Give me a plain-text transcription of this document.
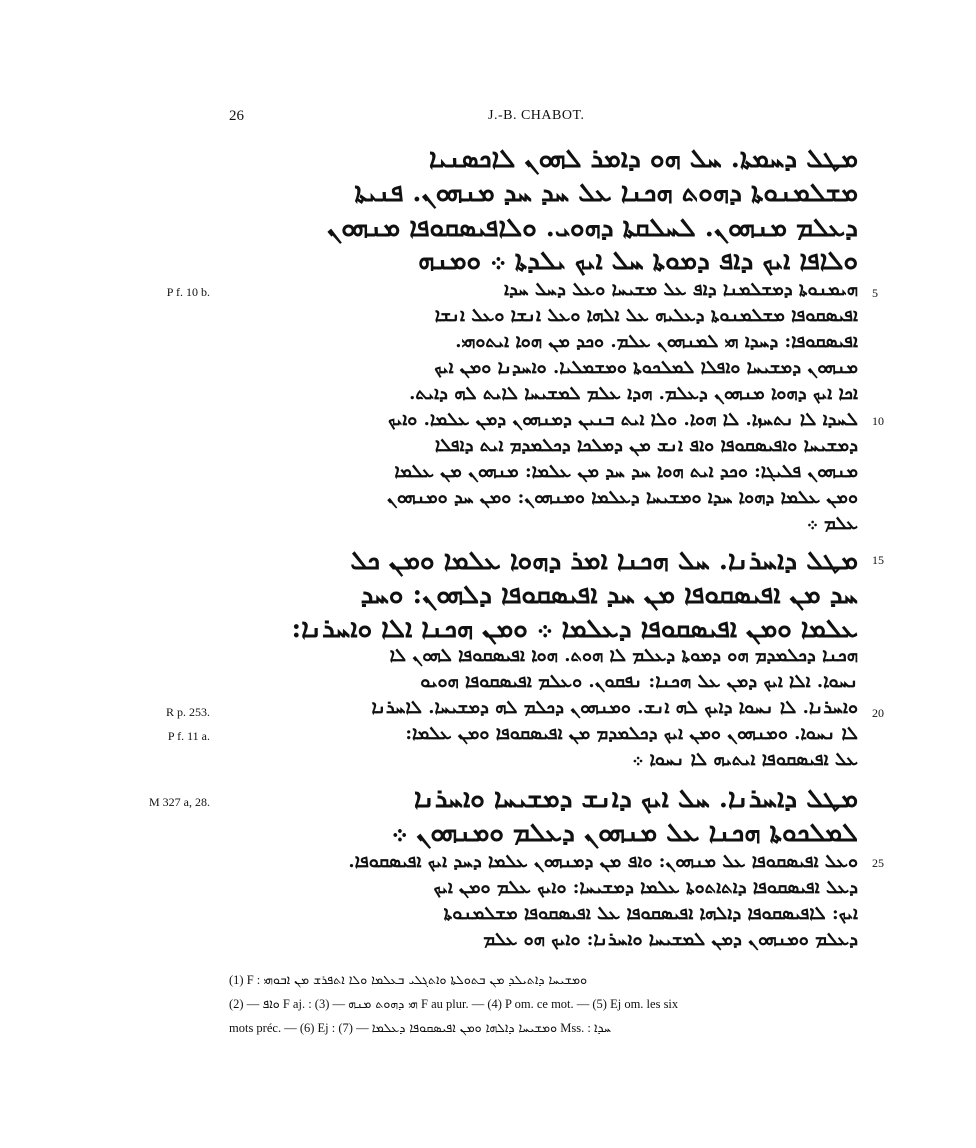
26	J.-B. CHABOT.
ܡܛܠ ܕܚܡܬܐ. ܚܠ ܗܘ ܕܐܡܪ ܠܗܘܢ ܠܐܟܣܢܝܐ
ܡܫܠܡܢܘܬܐ ܕܗܘܬ ܗܟܢܐ ܥܠ ܚܕ ܚܕ ܡܢܗܘܢ. ܦܢܝܬܐ
ܕܥܠܡ ܡܢܗܘܢ. ܠܚܠܩܬܐ ܕܗܘܝ. ܘܠܐܦܝܣܩܘܦܐ ܡܢܗܘܢ
ܘܠܐܦܐ ܐܝܟ ܕܐܦ ܕܡܘܬܐ ܚܠ ܐܝܟ ܝܠܕܬܐ ܀ ܘܡܢܗ
ܗܝܡܢܘܬܐ ܕܡܫܠܡܢܐ ܕܐܦ ܥܠ ܡܫܝܚܐ ܘܥܠ ܕܚܠ ܚܕܐ
ܐܦܝܣܩܘܦܐ ܡܫܠܡܢܘܬܐ ܕܥܠܝܗ ܥܠ ܐܠܗܐ ܘܥܠ ܐܢܫܐ ܘܥܠ ܐܢܫܐ
ܐܦܝܣܩܘܦܐ: ܕܚܕܐ ܗܝ ܠܡܢܗܘܢ ܥܠܡ. ܘܟܕ ܡܢ ܗܘܐ ܐܝܬܘܗܝ.
ܡܢܗܘܢ ܕܡܫܝܚܐ ܘܐܦܠܐ ܠܡܠܟܘܬܐ ܘܡܫܡܠܝܐ. ܘܐܚܕܢܐ ܘܡܢ ܐܝܟ
ܐܟܐ ܐܝܟ ܕܗܘܐ ܡܢܗܘܢ ܕܥܠܡ. ܗܕܐ ܥܠܡ ܠܡܫܝܚܐ ܠܐܝܬ ܠܗ ܕܐܝܬ.
ܠܚܕܐ ܠܐ ܢܬܚܙܐ. ܠܐ ܗܘܐ. ܘܠܐ ܐܝܬ ܒܢܝܢ ܕܡܢܗܘܢ ܕܡܢ ܥܠܡܐ. ܘܐܝܟ
ܕܡܫܝܚܐ ܘܐܦܝܣܩܘܦܐ ܘܐܦ ܐܢܫ ܡܢ ܕܡܠܟܐ ܕܟܠܡܕܡ ܐܝܬ ܕܐܦܠܐ
ܡܢܗܘܢ ܦܠܝܓܐ: ܘܟܕ ܐܝܬ ܗܘܐ ܚܕ ܚܕ ܡܢ ܥܠܡܐ: ܡܢܗܘܢ ܡܢ ܥܠܡܐ
ܘܡܢ ܥܠܡܐ ܕܗܘܐ ܚܕܐ ܘܡܫܝܚܐ ܕܥܠܡܐ ܘܡܢܗܘܢ: ܘܡܢ ܚܕ ܘܡܢܗܘܢ
ܥܠܡ ܀
ܡܛܠ ܕܐܚܪܢܐ. ܚܠ ܗܟܢܐ ܐܡܪ ܕܗܘܐ ܥܠܡܐ ܘܡܢ ܟܠ
ܚܕ ܡܢ ܐܦܝܣܩܘܦܐ ܡܢ ܚܕ ܐܦܝܣܩܘܦܐ ܕܠܗܘܢ: ܘܚܕ
ܥܠܡܐ ܘܡܢ ܐܦܝܣܩܘܦܐ ܕܥܠܡܐ ܀ ܘܡܢ ܗܟܢܐ ܐܠܐ ܘܐܚܪܢܐ:
ܗܟܢܐ ܕܟܠܡܕܡ ܗܘ ܕܡܘܬܐ ܕܥܠܡ ܠܐ ܗܘܬ. ܗܘܐ ܐܦܝܣܩܘܦܐ ܠܗܘܢ ܠܐ
ܢܚܘܐ. ܐܠܐ ܐܝܟ ܕܡܢ ܥܠ ܗܟܢܐ: ܢܦܩܘܢ. ܘܥܠܡ ܐܦܝܣܩܘܦܐ ܗܘܝܘ
ܘܐܚܪܢܐ. ܠܐ ܢܚܘܐ ܕܐܝܟ ܠܗ ܐܢܫ. ܘܡܢܗܘܢ ܕܟܠܡ ܠܗ ܕܡܫܝܚܐ. ܠܐܚܪܢܐ
ܠܐ ܢܚܘܐ. ܘܡܢܗܘܢ ܘܡܢ ܐܝܟ ܕܟܠܡܕܡ ܡܢ ܐܦܝܣܩܘܦܐ ܘܡܢ ܥܠܡܐ:
ܥܠ ܐܦܝܣܩܘܦܐ ܐܝܬܝܗ ܠܐ ܢܚܘܐ ܀
ܡܛܠ ܕܐܚܪܢܐ. ܚܠ ܐܝܟ ܕܐܢܫ ܕܡܫܝܚܐ ܘܐܚܪܢܐ
ܠܡܠܟܘܬܐ ܗܟܢܐ ܥܠ ܡܢܗܘܢ ܕܥܠܡ ܘܡܢܗܘܢ ܀
ܘܥܠ ܐܦܝܣܩܘܦܐ ܥܠ ܡܢܗܘܢ: ܘܐܦ ܡܢ ܕܡܢܗܘܢ ܥܠܡܐ ܕܚܕ ܐܝܟ ܐܦܝܣܩܘܦܐ.
ܕܥܠ ܐܦܝܣܩܘܦܐ ܕܐܬܐܬܘܬܐ ܥܠܡܐ ܕܡܫܝܚܐ: ܘܐܝܟ ܥܠܡ ܘܡܢ ܐܝܟ
ܐܝܟ: ܠܐܦܝܣܩܘܦܐ ܕܐܠܗܐ ܐܦܝܣܩܘܦܐ ܥܠ ܐܦܝܣܩܘܦܐ ܡܫܠܡܢܘܬܐ
ܕܥܠܡ ܘܡܢܗܘܢ ܕܡܢ ܠܡܫܝܚܐ ܘܐܚܪܢܐ: ܘܐܝܟ ܗܘ ܥܠܡ
P f. 10 b.
R p. 253.
P f. 11 a.
M 327 a, 28.
5
10
15
20
25
(1) F : ܘܡܫܝܚܐ ܕܐܬܝܠܕ ܡܢ ܒܬܘܠܬܐ ܘܐܬܓܠܝ ܒܥܠܡܐ ܘܠܐ ܐܬܦܪܫ ܡܢ ܐܒܘܗܝ
ܘܐܦ — (2) F aj. :	ܗܝ ܕܗܘܬ ܡܢܗ — (3) F au plur. — (4) P om. ce mot. — (5) Ej om. les six
mots préc. — (6) Ej :	ܘܡܫܝܚܐ ܕܐܠܗܐ ܘܡܢ ܐܦܝܣܩܘܦܐ ܕܥܠܡܐ — (7) Mss. : ܚܕܐ
